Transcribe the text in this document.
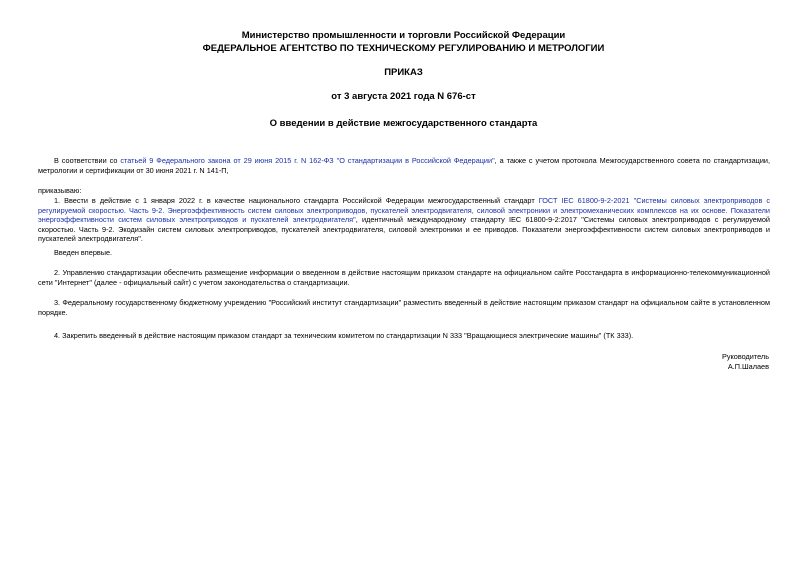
Министерство промышленности и торговли Российской Федерации
ФЕДЕРАЛЬНОЕ АГЕНТСТВО ПО ТЕХНИЧЕСКОМУ РЕГУЛИРОВАНИЮ И МЕТРОЛОГИИ
ПРИКАЗ
от 3 августа 2021 года N 676-ст
О введении в действие межгосударственного стандарта

В соответствии со статьей 9 Федерального закона от 29 июня 2015 г. N 162-ФЗ "О стандартизации в Российской Федерации", а также с учетом протокола Межгосударственного совета по стандартизации, метрологии и сертификации от 30 июня 2021 г. N 141-П,

приказываю:

1. Ввести в действие с 1 января 2022 г. в качестве национального стандарта Российской Федерации межгосударственный стандарт ГОСТ IEC 61800-9-2-2021 "Системы силовых электроприводов с регулируемой скоростью. Часть 9-2. Энергоэффективность систем силовых электроприводов, пускателей электродвигателя, силовой электроники и электромеханических комплексов на их основе. Показатели энергоэффективности систем силовых электроприводов и пускателей электродвигателя", идентичный международному стандарту IEC 61800-9-2:2017 "Системы силовых электроприводов с регулируемой скоростью. Часть 9-2. Экодизайн систем силовых электроприводов, пускателей электродвигателя, силовой электроники и ее приводов. Показатели энергоэффективности систем силовых электроприводов и пускателей электродвигателя".

Введен впервые.

2. Управлению стандартизации обеспечить размещение информации о введенном в действие настоящим приказом стандарте на официальном сайте Росстандарта в информационно-телекоммуникационной сети "Интернет" (далее - официальный сайт) с учетом законодательства о стандартизации.

3. Федеральному государственному бюджетному учреждению "Российский институт стандартизации" разместить введенный в действие настоящим приказом стандарт на официальном сайте в установленном порядке.

4. Закрепить введенный в действие настоящим приказом стандарт за техническим комитетом по стандартизации N 333 "Вращающиеся электрические машины" (ТК 333).

Руководитель
А.П.Шалаев
